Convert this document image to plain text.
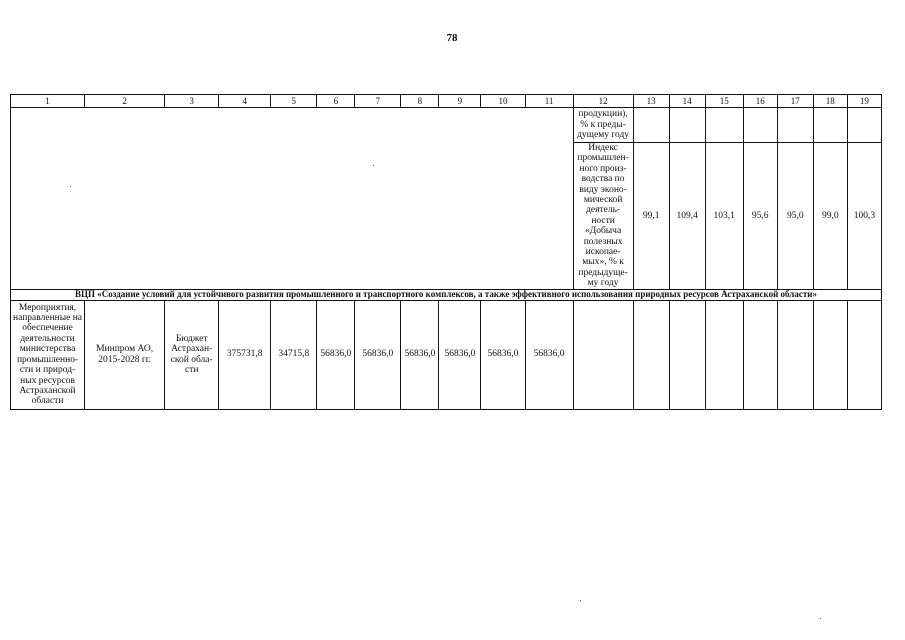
78
1	2	3	4	5	6	7	8	9	10	11	12	13	14	15	16	17	18	19
											продукции), % к преды-дущему году							
											Индекс промышлен-ного произ-водства по виду эконо-мической деятель-ности «Добыча полезных ископае-мых», % к предыдуще-му году	99,1	109,4	103,1	95,6	95,0	99,0	100,3
ВЦП «Создание условий для устойчивого развития промышленного и транспортного комплексов, а также эффективного использования природных ресурсов Астраханской области»																		
Мероприятия, направленные на обеспечение деятельности министерства промышленно-сти и природ-ных ресурсов Астраханской области	Минпром АО, 2015-2028 гг.	Бюджет Астрахан-ской обла-сти	375731,8	34715,8	56836,0	56836,0	56836,0	56836,0	56836,0	56836,0								
